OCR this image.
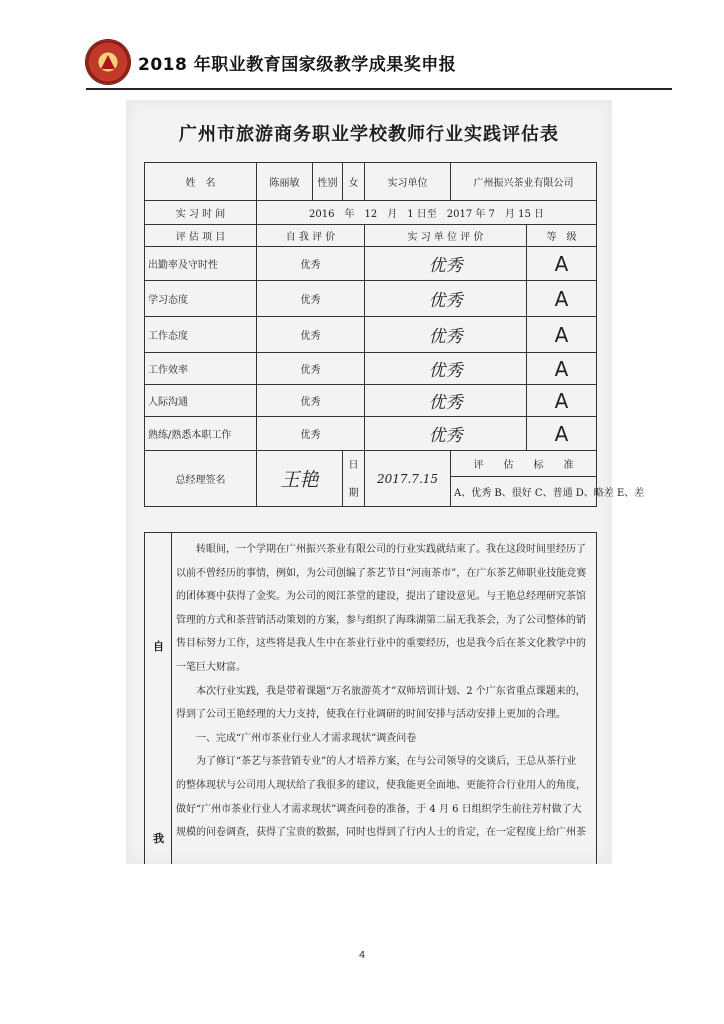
2018 年职业教育国家级教学成果奖申报
广州市旅游商务职业学校教师行业实践评估表
姓　名	陈丽敏	性别	女	实习单位	广州振兴茶业有限公司	
实 习 时 间	2016　年　12　月　1 日至　2017 年 7　月 15 日					
评 估 项 目	自 我 评 价			实 习 单 位 评 价		等　级
出勤率及守时性	优秀			优秀		A
学习态度	优秀			优秀		A
工作态度	优秀			优秀		A
工作效率	优秀			优秀		A
人际沟通	优秀			优秀		A
熟练/熟悉本职工作	优秀			优秀		A
总经理签名	王艳		日	2017.7.15	评　　估　　标　　准	
			期		A、优秀 B、很好 C、普通 D、略差 E、差	
自
我

转眼间，一个学期在广州振兴茶业有限公司的行业实践就结束了。我在这段时间里经历了

以前不曾经历的事情，例如，为公司创编了茶艺节目“河南茶市”，在广东茶艺师职业技能竞赛

的团体赛中获得了金奖。为公司的阅江茶堂的建设，提出了建设意见。与王艳总经理研究茶馆

管理的方式和茶营销活动策划的方案，参与组织了海珠湖第二届无我茶会，为了公司整体的销

售目标努力工作，这些将是我人生中在茶业行业中的重要经历，也是我今后在茶文化教学中的

一笔巨大财富。

本次行业实践，我是带着课题“万名旅游英才”双师培训计划、2 个广东省重点课题来的，

得到了公司王艳经理的大力支持，使我在行业调研的时间安排与活动安排上更加的合理。

一、完成“广州市茶业行业人才需求现状”调查问卷

为了修订“茶艺与茶营销专业”的人才培养方案，在与公司领导的交谈后，王总从茶行业

的整体现状与公司用人现状给了我很多的建议，使我能更全面地、更能符合行业用人的角度，

做好“广州市茶业行业人才需求现状”调查问卷的准备，于 4 月 6 日组织学生前往芳村做了大

规模的问卷调查，获得了宝贵的数据，同时也得到了行内人士的肯定，在一定程度上给广州茶

4
